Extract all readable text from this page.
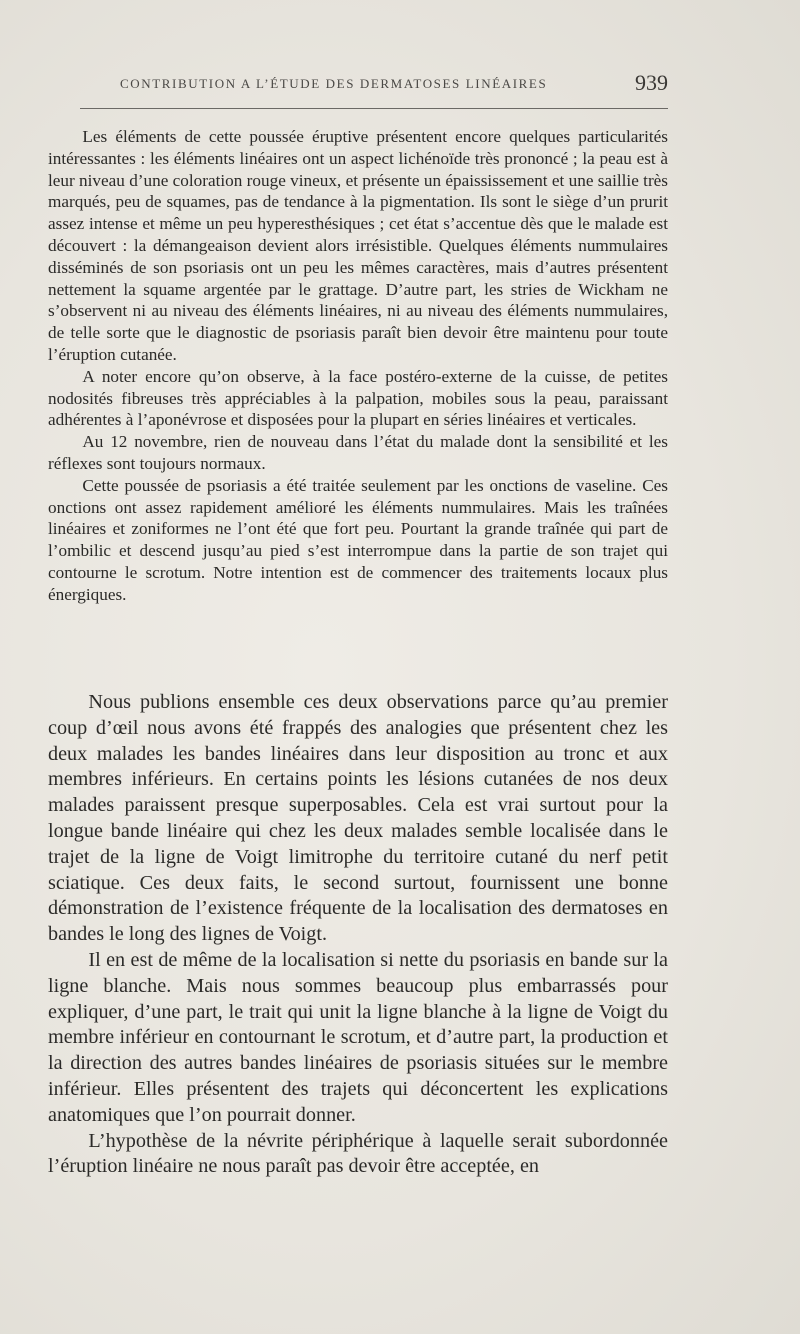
CONTRIBUTION A L’ÉTUDE DES DERMATOSES LINÉAIRES	939

Les éléments de cette poussée éruptive présentent encore quelques particularités intéressantes : les éléments linéaires ont un aspect lichénoïde très prononcé ; la peau est à leur niveau d’une coloration rouge vineux, et présente un épaississement et une saillie très marqués, peu de squames, pas de tendance à la pigmentation. Ils sont le siège d’un prurit assez intense et même un peu hyperesthésiques ; cet état s’accentue dès que le malade est découvert : la démangeaison devient alors irrésistible. Quelques éléments nummulaires disséminés de son psoriasis ont un peu les mêmes caractères, mais d’autres présentent nettement la squame argentée par le grattage. D’autre part, les stries de Wickham ne s’observent ni au niveau des éléments linéaires, ni au niveau des éléments nummulaires, de telle sorte que le diagnostic de psoriasis paraît bien devoir être maintenu pour toute l’éruption cutanée.

A noter encore qu’on observe, à la face postéro-externe de la cuisse, de petites nodosités fibreuses très appréciables à la palpation, mobiles sous la peau, paraissant adhérentes à l’aponévrose et disposées pour la plupart en séries linéaires et verticales.

Au 12 novembre, rien de nouveau dans l’état du malade dont la sensibilité et les réflexes sont toujours normaux.

Cette poussée de psoriasis a été traitée seulement par les onctions de vaseline. Ces onctions ont assez rapidement amélioré les éléments nummulaires. Mais les traînées linéaires et zoniformes ne l’ont été que fort peu. Pourtant la grande traînée qui part de l’ombilic et descend jusqu’au pied s’est interrompue dans la partie de son trajet qui contourne le scrotum. Notre intention est de commencer des traitements locaux plus énergiques.

Nous publions ensemble ces deux observations parce qu’au premier coup d’œil nous avons été frappés des analogies que présentent chez les deux malades les bandes linéaires dans leur disposition au tronc et aux membres inférieurs. En certains points les lésions cutanées de nos deux malades paraissent presque superposables. Cela est vrai surtout pour la longue bande linéaire qui chez les deux malades semble localisée dans le trajet de la ligne de Voigt limitrophe du territoire cutané du nerf petit sciatique. Ces deux faits, le second surtout, fournissent une bonne démonstration de l’existence fréquente de la localisation des dermatoses en bandes le long des lignes de Voigt.

Il en est de même de la localisation si nette du psoriasis en bande sur la ligne blanche. Mais nous sommes beaucoup plus embarrassés pour expliquer, d’une part, le trait qui unit la ligne blanche à la ligne de Voigt du membre inférieur en contournant le scrotum, et d’autre part, la production et la direction des autres bandes linéaires de psoriasis situées sur le membre inférieur. Elles présentent des trajets qui déconcertent les explications anatomiques que l’on pourrait donner.

L’hypothèse de la névrite périphérique à laquelle serait subordonnée l’éruption linéaire ne nous paraît pas devoir être acceptée, en
